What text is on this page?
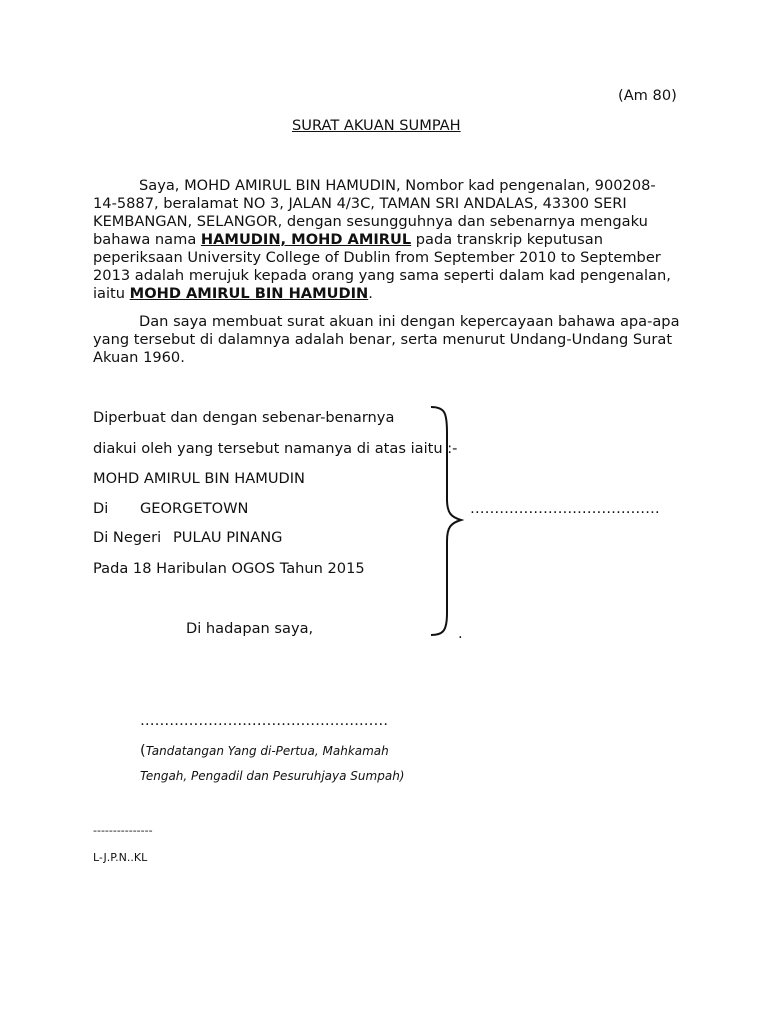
(Am 80)
SURAT AKUAN SUMPAH
Saya, MOHD AMIRUL BIN HAMUDIN, Nombor kad pengenalan, 900208-
14-5887, beralamat NO 3, JALAN 4/3C, TAMAN SRI ANDALAS, 43300 SERI
KEMBANGAN, SELANGOR, dengan sesungguhnya dan sebenarnya mengaku
bahawa nama HAMUDIN, MOHD AMIRUL pada transkrip keputusan
peperiksaan University College of Dublin from September 2010 to September
2013 adalah merujuk kepada orang yang sama seperti dalam kad pengenalan,
iaitu MOHD AMIRUL BIN HAMUDIN.
Dan saya membuat surat akuan ini dengan kepercayaan bahawa apa-apa
yang tersebut di dalamnya adalah benar, serta menurut Undang-Undang Surat
Akuan 1960.
Diperbuat dan dengan sebenar-benarnya
diakui oleh yang tersebut namanya di atas iaitu :-
MOHD AMIRUL BIN HAMUDIN
Di GEORGETOWN
Di Negeri PULAU PINANG
Pada 18 Haribulan OGOS Tahun 2015
Di hadapan saya,
…………………………………
.
……………………………………………
(Tandatangan Yang di-Pertua, Mahkamah
Tengah, Pengadil dan Pesuruhjaya Sumpah)
---------------
L-J.P.N..KL
